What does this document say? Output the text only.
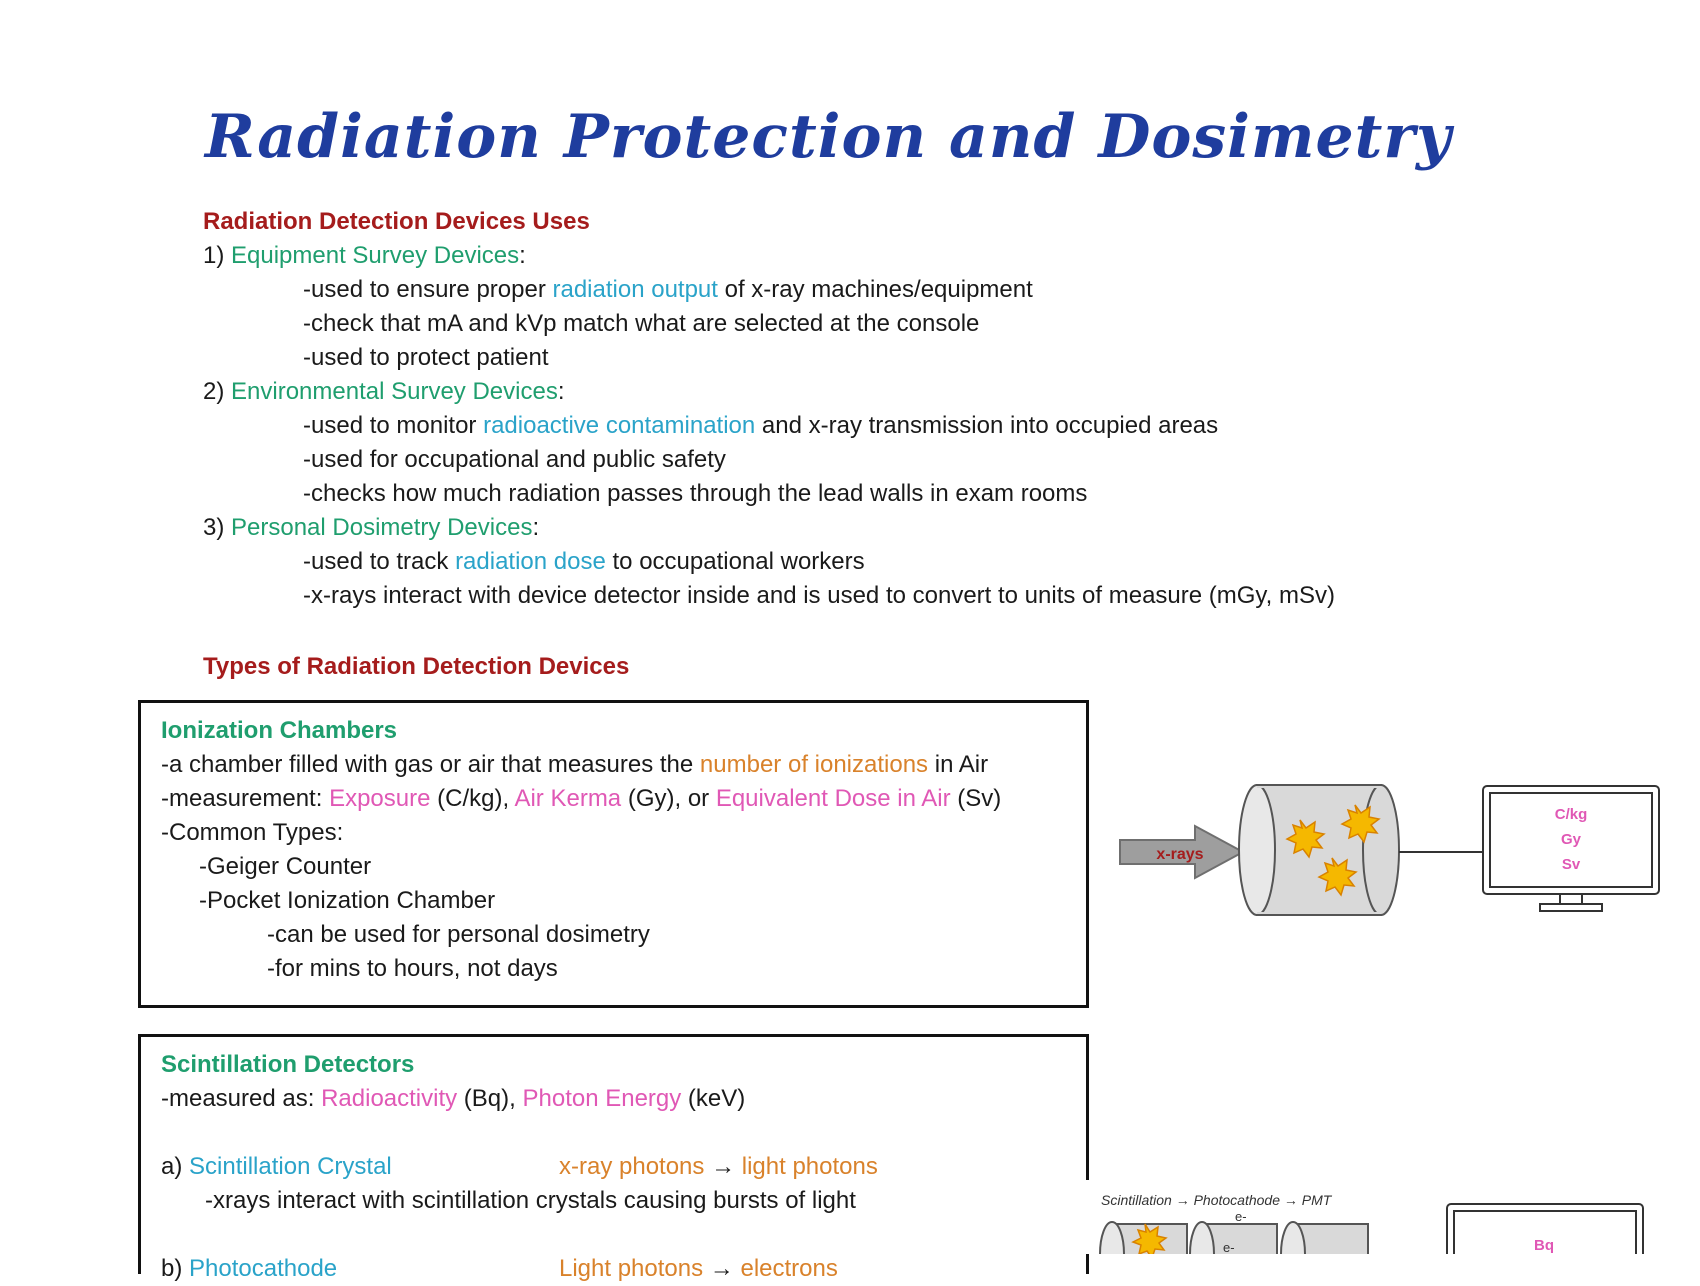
Radiation Protection and Dosimetry
Radiation Detection Devices Uses
1) Equipment Survey Devices:
-used to ensure proper radiation output of x-ray machines/equipment
-check that mA and kVp match what are selected at the console
-used to protect patient
2) Environmental Survey Devices:
-used to monitor radioactive contamination and x-ray transmission into occupied areas
-used for occupational and public safety
-checks how much radiation passes through the lead walls in exam rooms
3) Personal Dosimetry Devices:
-used to track radiation dose to occupational workers
-x-rays interact with device detector inside and is used to convert to units of measure (mGy, mSv)
Types of Radiation Detection Devices
Ionization Chambers
-a chamber filled with gas or air that measures the number of ionizations in Air
-measurement: Exposure (C/kg), Air Kerma (Gy), or Equivalent Dose in Air (Sv)
-Common Types:
-Geiger Counter
-Pocket Ionization Chamber
-can be used for personal dosimetry
-for mins to hours, not days
x-rays
C/kg
Gy
Sv
Scintillation Detectors
-measured as: Radioactivity (Bq), Photon Energy (keV)
a) Scintillation Crystal	x-ray photons → light photons
-xrays interact with scintillation crystals causing bursts of light
b) Photocathode	Light photons → electrons
Scintillation → Photocathode → PMT
e-
e-	Bq
